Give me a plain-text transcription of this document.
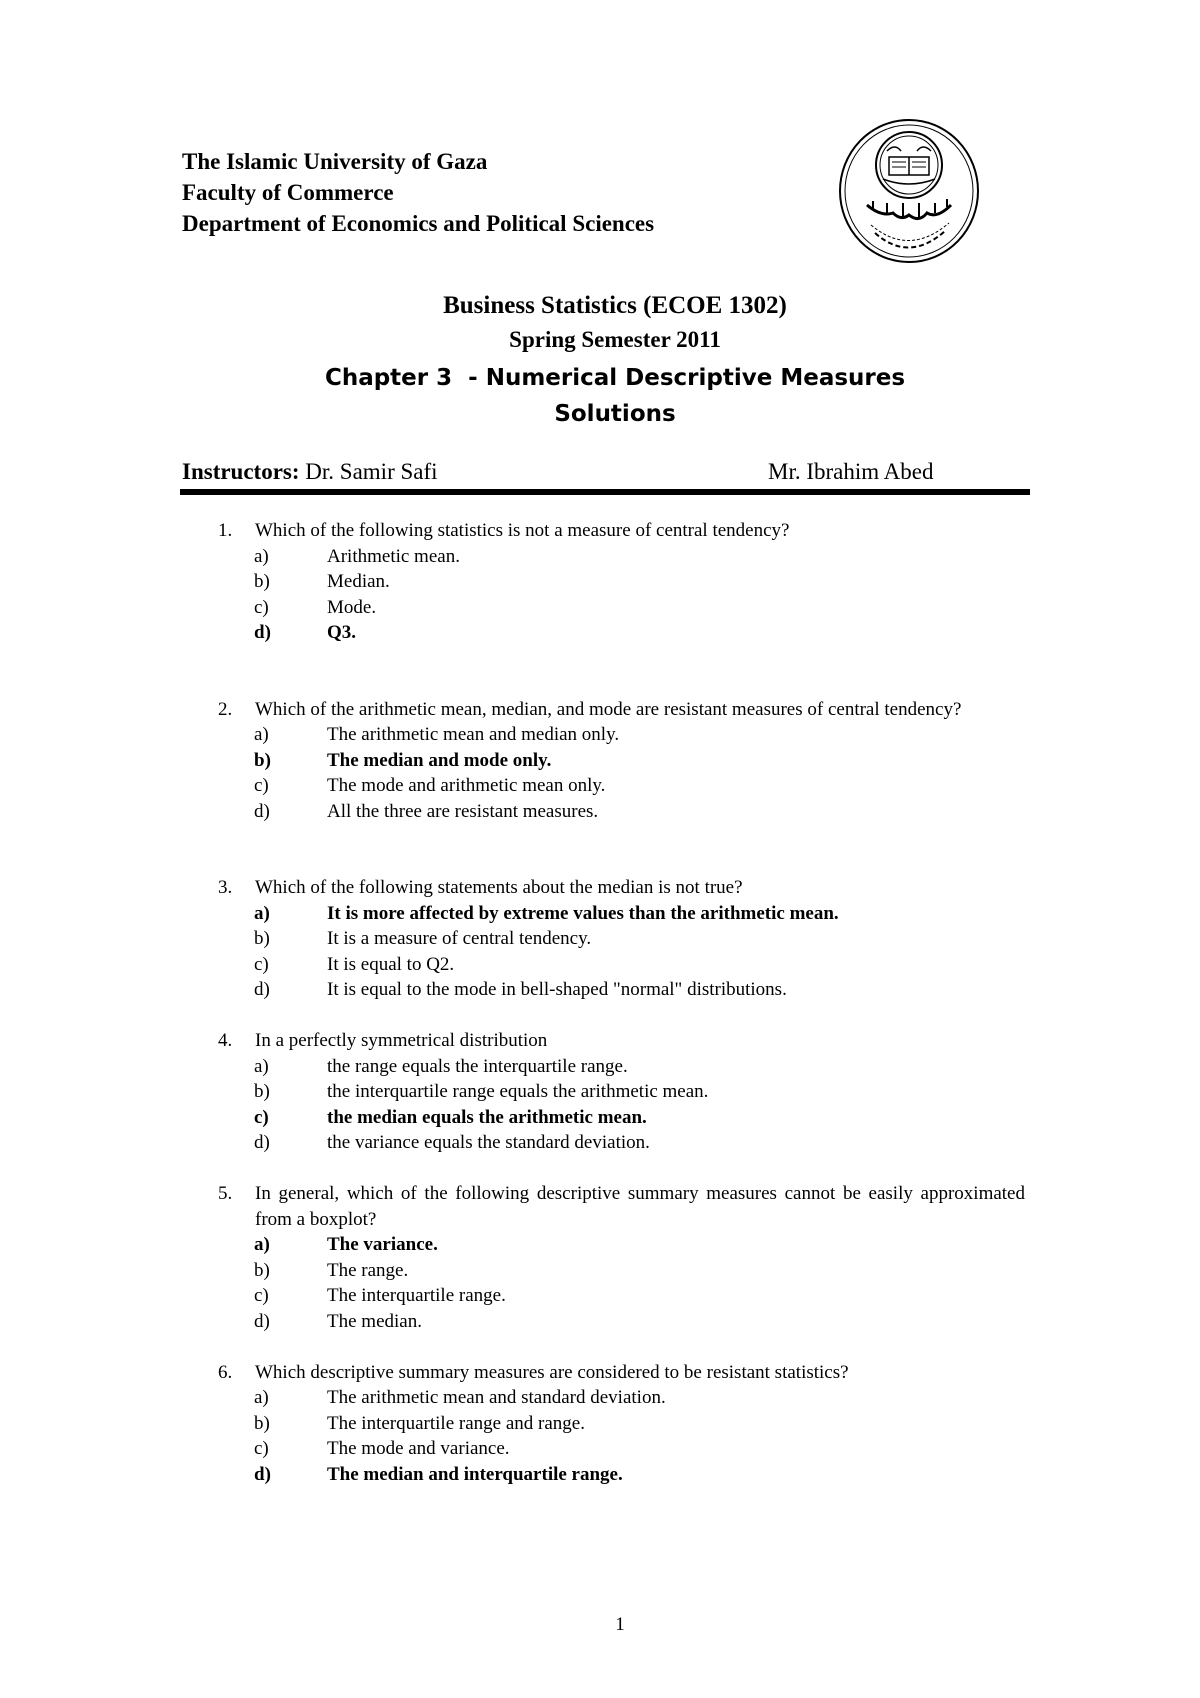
The Islamic University of Gaza
Faculty of Commerce
Department of Economics and Political Sciences
Business Statistics (ECOE 1302)
Spring Semester 2011
Chapter 3  - Numerical Descriptive Measures
Solutions
Instructors: Dr. Samir Safi	Mr. Ibrahim Abed
1. Which of the following statistics is not a measure of central tendency?
a)	Arithmetic mean.
b)	Median.
c)	Mode.
d)	Q3.
2. Which of the arithmetic mean, median, and mode are resistant measures of central tendency?
a)	The arithmetic mean and median only.
b)	The median and mode only.
c)	The mode and arithmetic mean only.
d)	All the three are resistant measures.
3. Which of the following statements about the median is not true?
a)	It is more affected by extreme values than the arithmetic mean.
b)	It is a measure of central tendency.
c)	It is equal to Q2.
d)	It is equal to the mode in bell-shaped "normal" distributions.
4. In a perfectly symmetrical distribution
a)	the range equals the interquartile range.
b)	the interquartile range equals the arithmetic mean.
c)	the median equals the arithmetic mean.
d)	the variance equals the standard deviation.
5. In general, which of the following descriptive summary measures cannot be easily approximated from a boxplot?
a)	The variance.
b)	The range.
c)	The interquartile range.
d)	The median.
6. Which descriptive summary measures are considered to be resistant statistics?
a)	The arithmetic mean and standard deviation.
b)	The interquartile range and range.
c)	The mode and variance.
d)	The median and interquartile range.
1
